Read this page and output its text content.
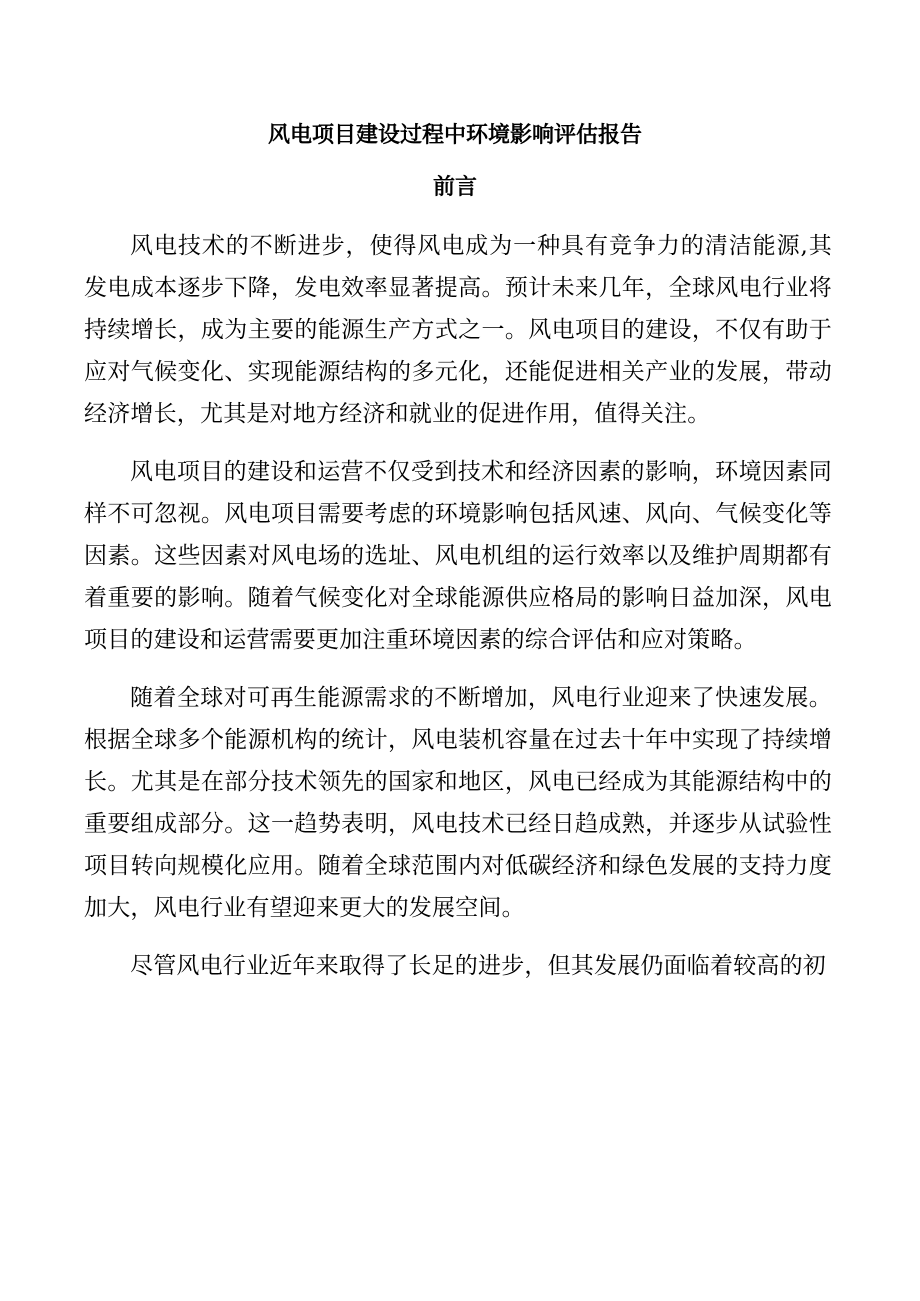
风电项目建设过程中环境影响评估报告
前言

风电技术的不断进步，使得风电成为一种具有竞争力的清洁能源,其发电成本逐步下降，发电效率显著提高。预计未来几年，全球风电行业将持续增长，成为主要的能源生产方式之一。风电项目的建设，不仅有助于应对气候变化、实现能源结构的多元化，还能促进相关产业的发展，带动经济增长，尤其是对地方经济和就业的促进作用，值得关注。

风电项目的建设和运营不仅受到技术和经济因素的影响，环境因素同样不可忽视。风电项目需要考虑的环境影响包括风速、风向、气候变化等因素。这些因素对风电场的选址、风电机组的运行效率以及维护周期都有着重要的影响。随着气候变化对全球能源供应格局的影响日益加深，风电项目的建设和运营需要更加注重环境因素的综合评估和应对策略。

随着全球对可再生能源需求的不断增加，风电行业迎来了快速发展。根据全球多个能源机构的统计，风电装机容量在过去十年中实现了持续增长。尤其是在部分技术领先的国家和地区，风电已经成为其能源结构中的重要组成部分。这一趋势表明，风电技术已经日趋成熟，并逐步从试验性项目转向规模化应用。随着全球范围内对低碳经济和绿色发展的支持力度加大，风电行业有望迎来更大的发展空间。

尽管风电行业近年来取得了长足的进步，但其发展仍面临着较高的初
